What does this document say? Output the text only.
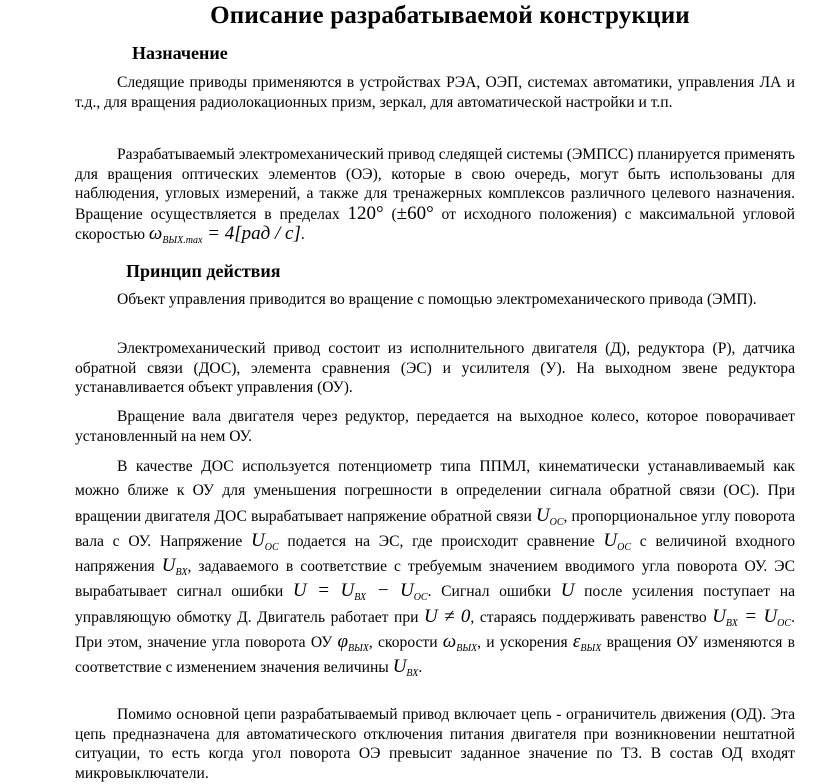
Описание разрабатываемой конструкции
Назначение

Следящие приводы применяются в устройствах РЭА, ОЭП, системах автоматики, управления ЛА и т.д., для вращения радиолокационных призм, зеркал, для автоматической настройки и т.п.

Разрабатываемый электромеханический привод следящей системы (ЭМПСС) планируется применять для вращения оптических элементов (ОЭ), которые в свою очередь, могут быть использованы для наблюдения, угловых измерений, а также для тренажерных комплексов различного целевого назначения. Вращение осуществляется в пределах 120° (±60° от исходного положения) с максимальной угловой скоростью $\omega_{ВЫХ.max} = 4[рад / с]$.

Принцип действия

Объект управления приводится во вращение с помощью электромеханического привода (ЭМП).

Электромеханический привод состоит из исполнительного двигателя (Д), редуктора (Р), датчика обратной связи (ДОС), элемента сравнения (ЭС) и усилителя (У). На выходном звене редуктора устанавливается объект управления (ОУ).

Вращение вала двигателя через редуктор, передается на выходное колесо, которое поворачивает установленный на нем ОУ.

В качестве ДОС используется потенциометр типа ППМЛ, кинематически устанавливаемый как можно ближе к ОУ для уменьшения погрешности в определении сигнала обратной связи (ОС). При вращении двигателя ДОС вырабатывает напряжение обратной связи $U_{ОС}$, пропорциональное углу поворота вала с ОУ. Напряжение $U_{ОС}$ подается на ЭС, где происходит сравнение $U_{ОС}$ с величиной входного напряжения $U_{ВХ}$, задаваемого в соответствие с требуемым значением вводимого угла поворота ОУ. ЭС вырабатывает сигнал ошибки $U = U_{ВХ} - U_{ОС}$. Сигнал ошибки U после усиления поступает на управляющую обмотку Д. Двигатель работает при U ≠ 0, стараясь поддерживать равенство $U_{ВХ} = U_{ОС}$. При этом, значение угла поворота ОУ $\varphi_{ВЫХ}$, скорости $\omega_{ВЫХ}$, и ускорения $\varepsilon_{ВЫХ}$ вращения ОУ изменяются в соответствие с изменением значения величины $U_{ВХ}$.

Помимо основной цепи разрабатываемый привод включает цепь - ограничитель движения (ОД). Эта цепь предназначена для автоматического отключения питания двигателя при возникновении нештатной ситуации, то есть когда угол поворота ОЭ превысит заданное значение по ТЗ. В состав ОД входят микровыключатели.
